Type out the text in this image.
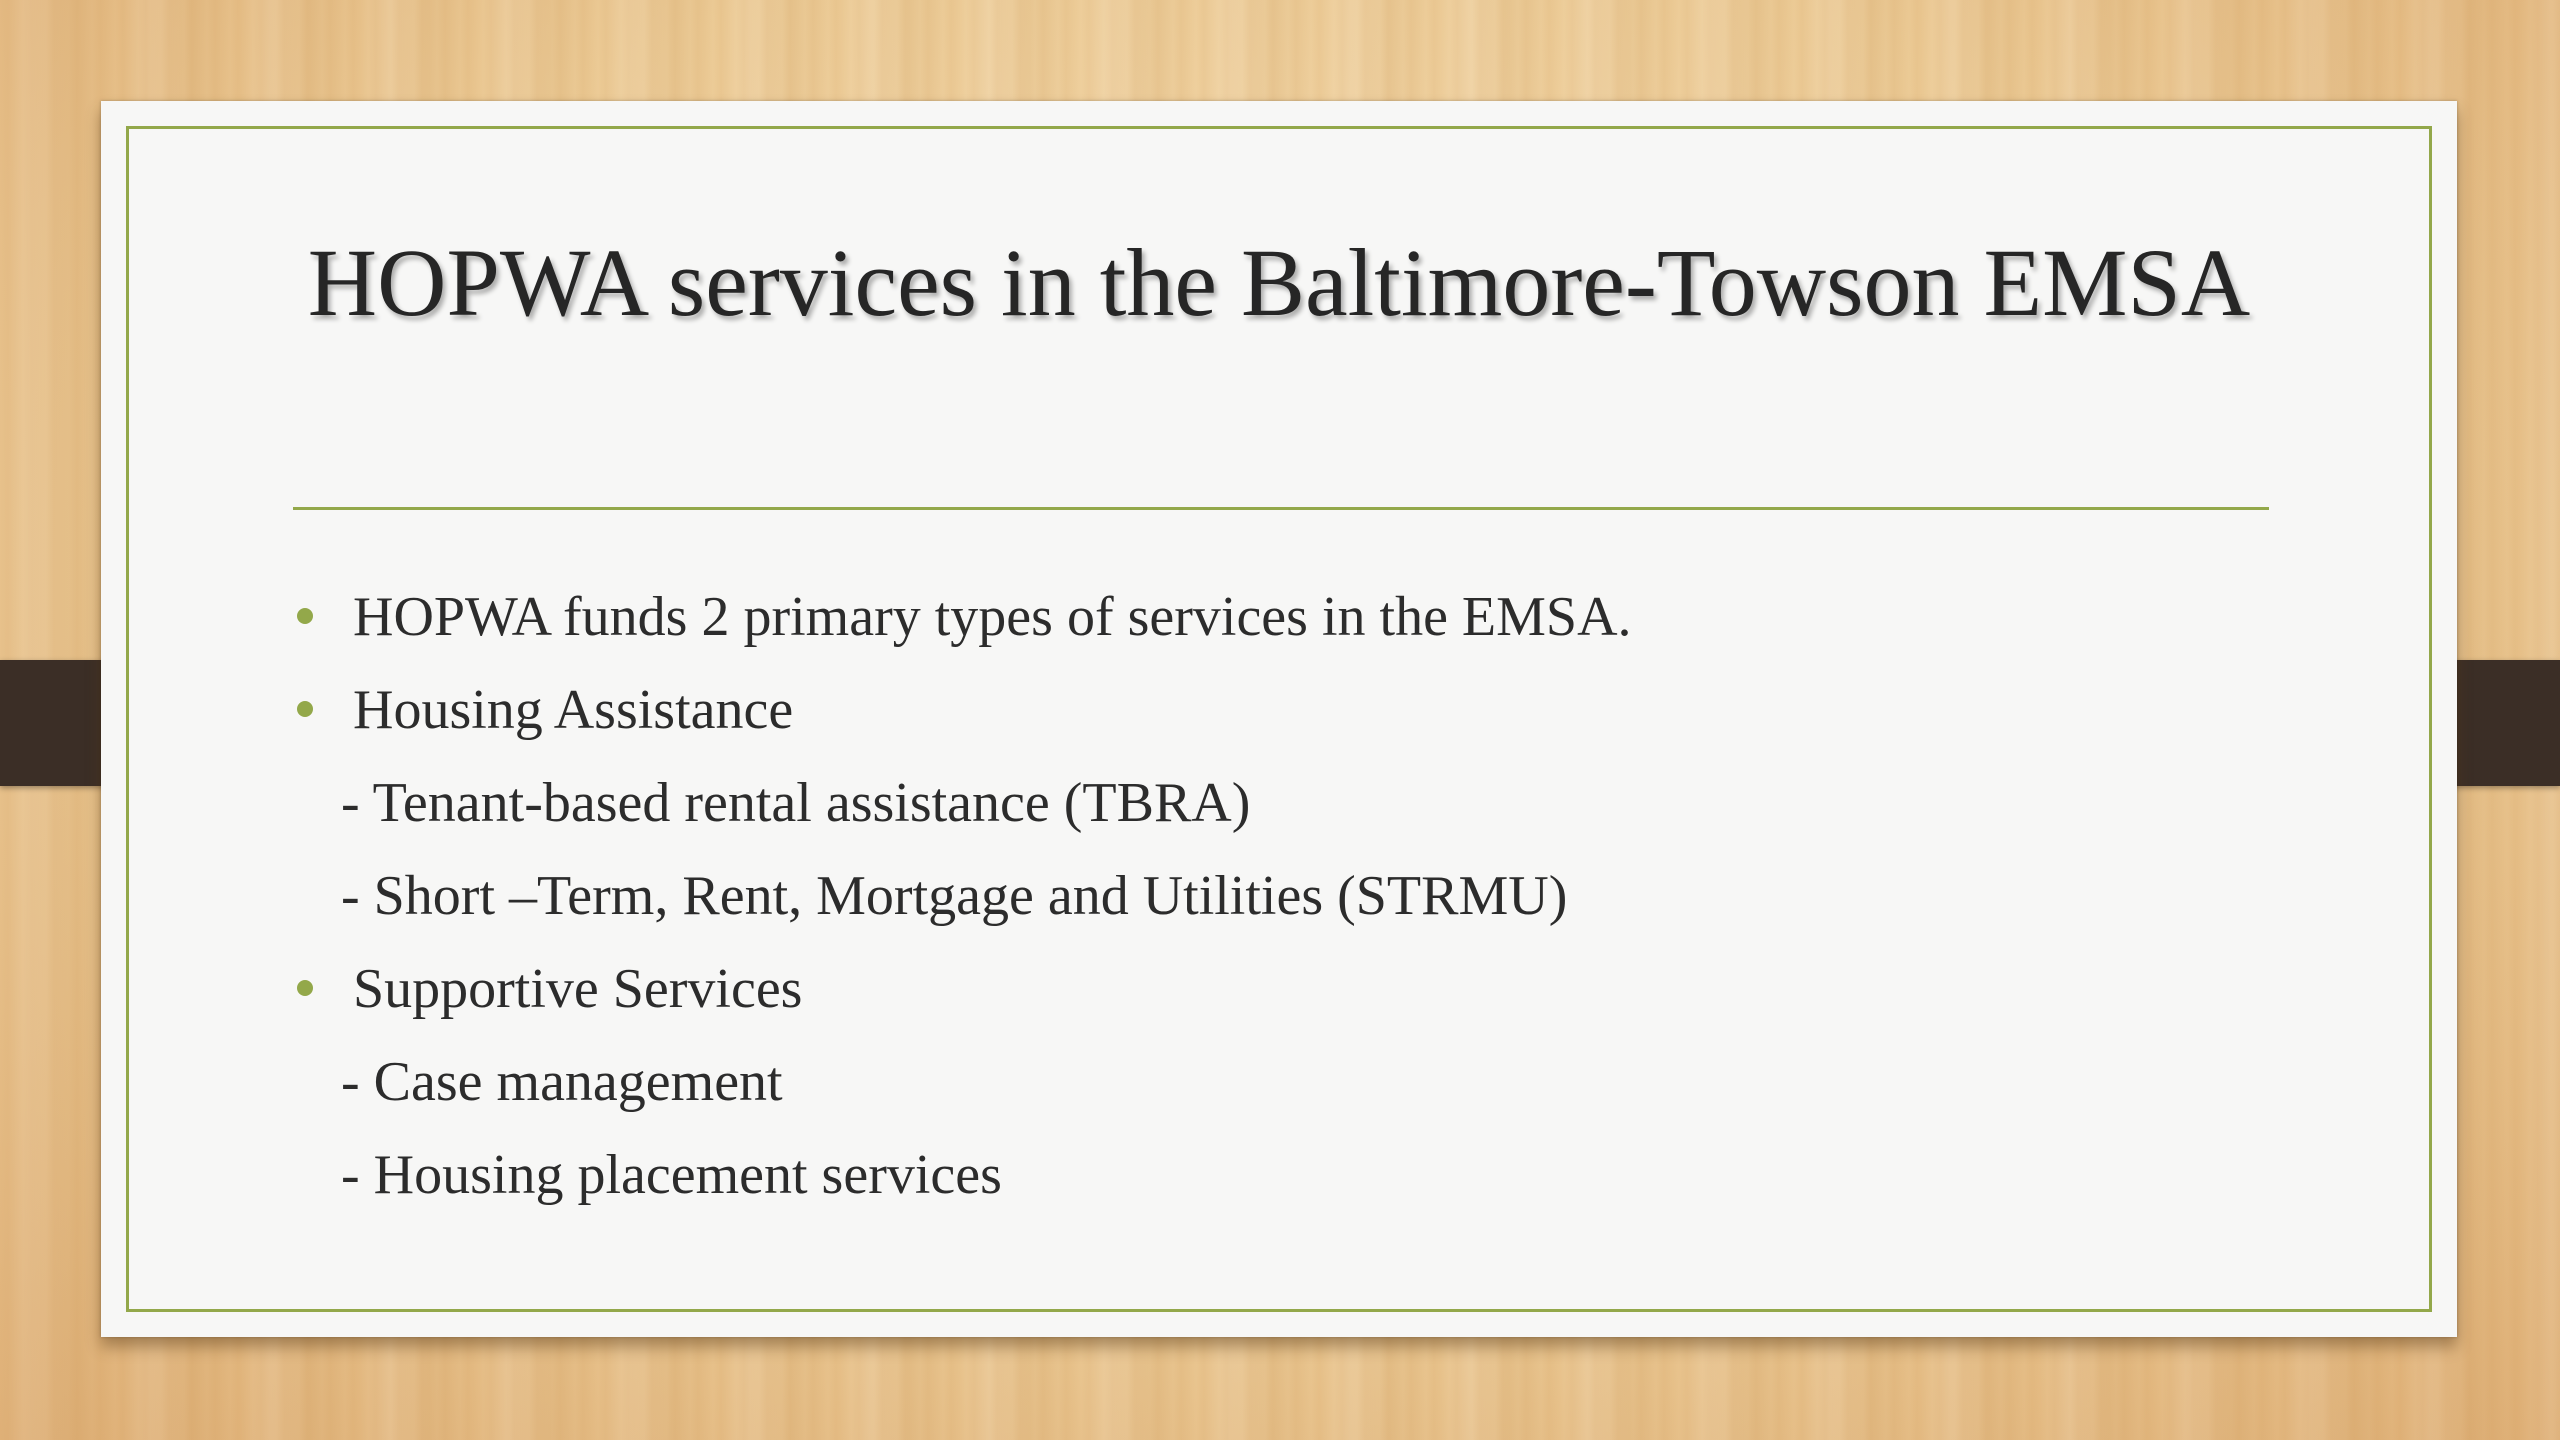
HOPWA services in the Baltimore-Towson EMSA
HOPWA funds 2 primary types of services in the EMSA.
Housing Assistance
- Tenant-based rental assistance (TBRA)
- Short –Term, Rent, Mortgage and Utilities (STRMU)
Supportive Services
- Case management
- Housing placement services
